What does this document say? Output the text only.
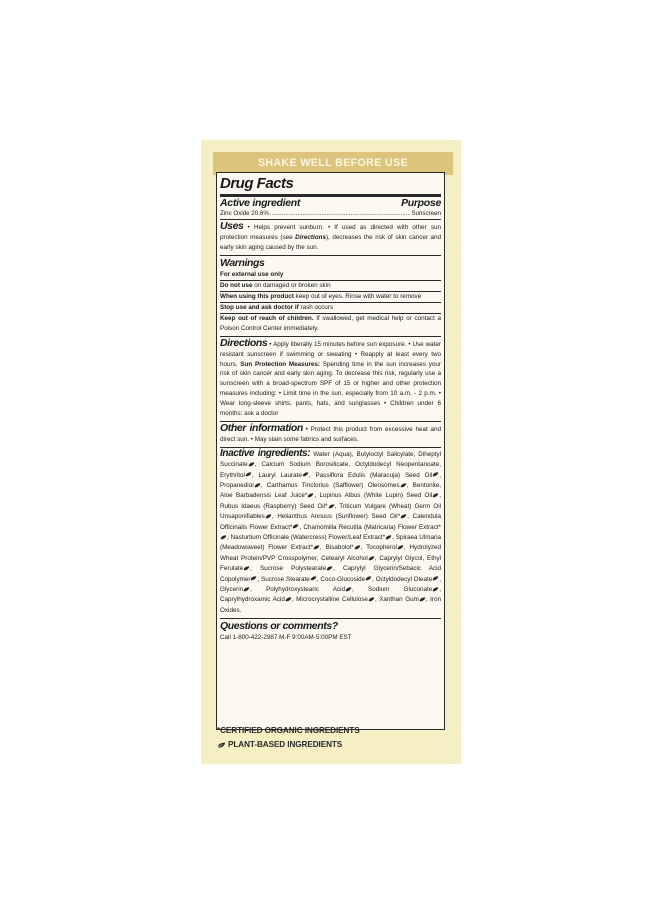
SHAKE WELL BEFORE USE
Drug Facts
Active ingredient	Purpose
Zinc Oxide 20.6%
.....	Sunscreen
Uses • Helps prevent sunburn. • If used as directed with other sun protection measures (see Directions), decreases the risk of skin cancer and early skin aging caused by the sun.
Warnings
For external use only
Do not use on damaged or broken skin
When using this product keep out of eyes. Rinse with water to remove
Stop use and ask doctor if rash occurs
Keep out of reach of children. If swallowed, get medical help or contact a Poison Control Center immediately.
Directions • Apply liberally 15 minutes before sun exposure. • Use water resistant sunscreen if swimming or sweating • Reapply at least every two hours. Sun Protection Measures: Spending time in the sun increases your risk of skin cancer and early skin aging. To decrease this risk, regularly use a sunscreen with a broad-spectrum SPF of 15 or higher and other protection measures including: • Limit time in the sun, especially from 10 a.m. - 2 p.m. • Wear long-sleeve shirts, pants, hats, and sunglasses • Children under 6 months: ask a doctor
Other information • Protect this product from excessive heat and direct sun. • May stain some fabrics and surfaces.
Inactive ingredients: Water (Aqua), Butyloctyl Salicylate, Diheptyl Succinate , Calcium Sodium Borosilicate, Octyldodecyl Neopentanoate, Erythritol , Lauryl Laurate , Passiflora Edulis (Maracuja) Seed Oil , Propanediol , Carthamus Tinctorius (Safflower) Oleosomes , Bentonite, Aloe Barbadensis Leaf Juice* , Lupinus Albus (White Lupin) Seed Oil , Rubus Idaeus (Raspberry) Seed Oil* , Triticum Vulgare (Wheat) Germ Oil Unsaponifiables , Helianthus Annuus (Sunflower) Seed Oil* , Calendula Officinalis Flower Extract* , Chamomilla Recutita (Matricaria) Flower Extract*, Nasturtium Officinale (Watercress) Flower/Leaf Extract* , Spiraea Ulmaria (Meadowsweet) Flower Extract* , Bisabolol* , Tocopherol , Hydrolyzed Wheat Protein/PVP Crosspolymer, Cetearyl Alcohol , Caprylyl Glycol, Ethyl Ferulate , Sucrose Polystearate , Caprylyl Glycerin/Sebacic Acid Copolymer , Sucrose Stearate , Coco-Glucoside , Octyldodecyl Oleate , Glycerin , Polyhydroxystearic Acid , Sodium Gluconate , Caprylhydroxamic Acid , Microcrystalline Cellulose , Xanthan Gum , Iron Oxides.
Questions or comments?
Call 1-800-422-2987 M-F 9:00AM-5:00PM EST
*CERTIFIED ORGANIC INGREDIENTS
PLANT-BASED INGREDIENTS
